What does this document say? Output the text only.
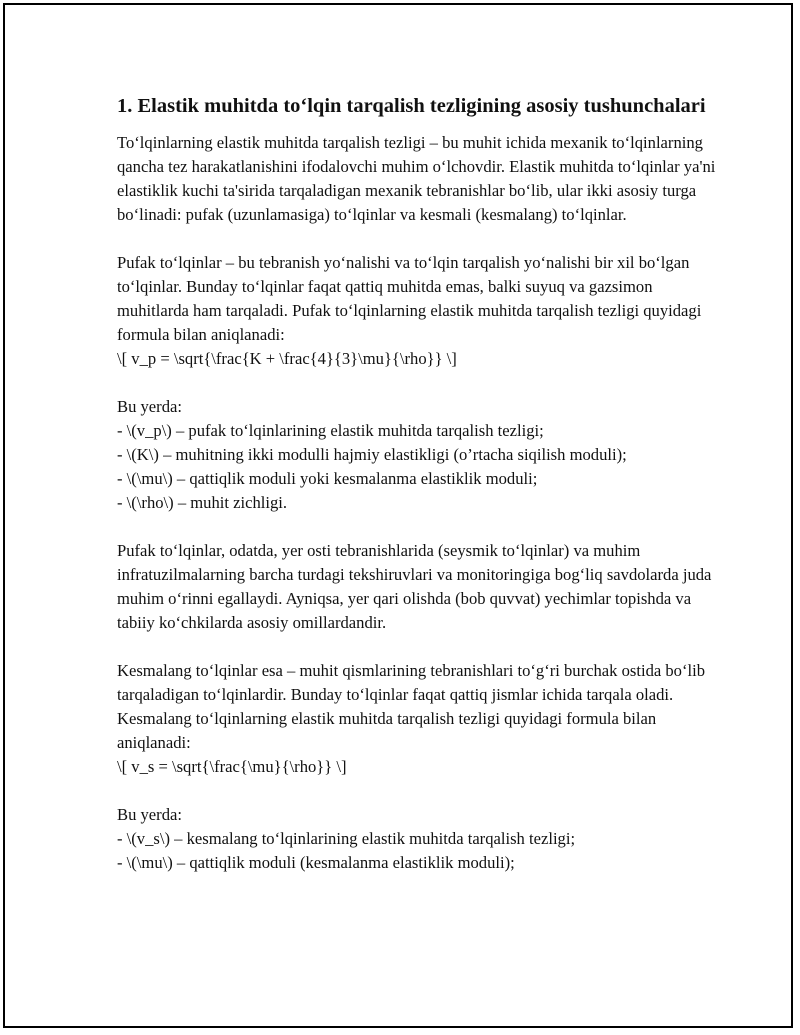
1. Elastik muhitda to‘lqin tarqalish tezligining asosiy tushunchalari

To‘lqinlarning elastik muhitda tarqalish tezligi – bu muhit ichida mexanik to‘lqinlarning qancha tez harakatlanishini ifodalovchi muhim o‘lchovdir. Elastik muhitda to‘lqinlar ya'ni elastiklik kuchi ta'sirida tarqaladigan mexanik tebranishlar bo‘lib, ular ikki asosiy turga bo‘linadi: pufak (uzunlamasiga) to‘lqinlar va kesmali (kesmalang) to‘lqinlar.

Pufak to‘lqinlar – bu tebranish yo‘nalishi va to‘lqin tarqalish yo‘nalishi bir xil bo‘lgan to‘lqinlar. Bunday to‘lqinlar faqat qattiq muhitda emas, balki suyuq va gazsimon muhitlarda ham tarqaladi. Pufak to‘lqinlarning elastik muhitda tarqalish tezligi quyidagi formula bilan aniqlanadi:
\[ v_p = \sqrt{\frac{K + \frac{4}{3}\mu}{\rho}} \]

Bu yerda:
- \(v_p\) – pufak to‘lqinlarining elastik muhitda tarqalish tezligi;
- \(K\) – muhitning ikki modulli hajmiy elastikligi (o’rtacha siqilish moduli);
- \(\mu\) – qattiqlik moduli yoki kesmalanma elastiklik moduli;
- \(\rho\) – muhit zichligi.

Pufak to‘lqinlar, odatda, yer osti tebranishlarida (seysmik to‘lqinlar) va muhim infratuzilmalarning barcha turdagi tekshiruvlari va monitoringiga bog‘liq savdolarda juda muhim o‘rinni egallaydi. Ayniqsa, yer qari olishda (bob quvvat) yechimlar topishda va tabiiy ko‘chkilarda asosiy omillardandir.

Kesmalang to‘lqinlar esa – muhit qismlarining tebranishlari to‘g‘ri burchak ostida bo‘lib tarqaladigan to‘lqinlardir. Bunday to‘lqinlar faqat qattiq jismlar ichida tarqala oladi. Kesmalang to‘lqinlarning elastik muhitda tarqalish tezligi quyidagi formula bilan aniqlanadi:
\[ v_s = \sqrt{\frac{\mu}{\rho}} \]

Bu yerda:
- \(v_s\) – kesmalang to‘lqinlarining elastik muhitda tarqalish tezligi;
- \(\mu\) – qattiqlik moduli (kesmalanma elastiklik moduli);
